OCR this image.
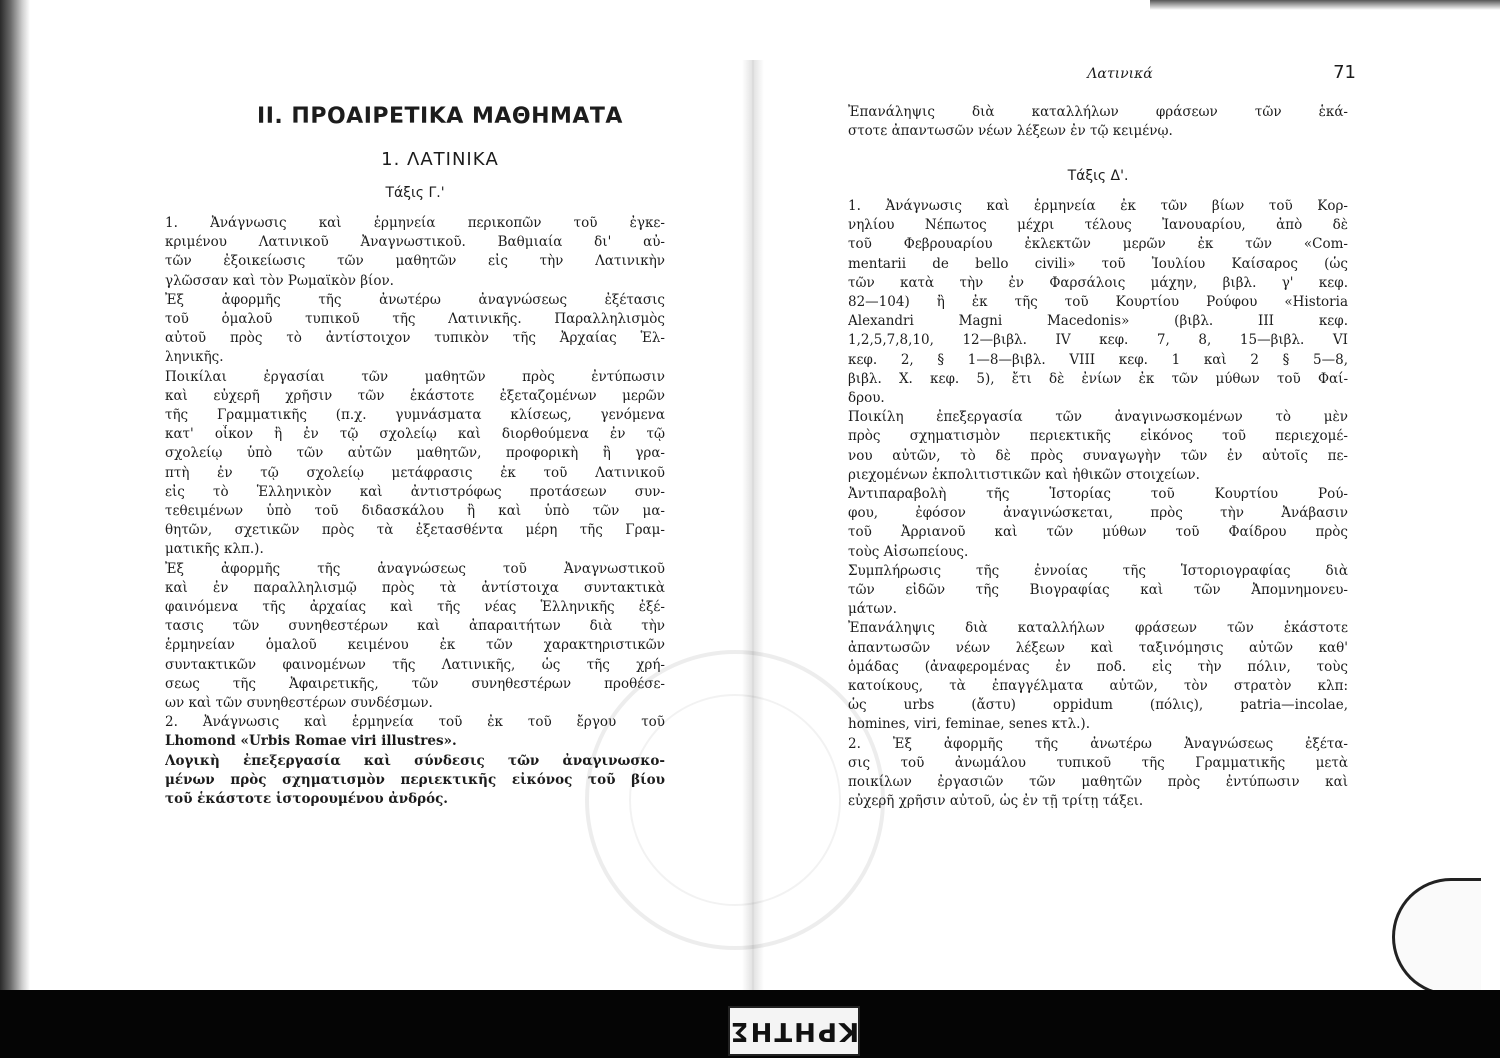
ΙΙ. ΠΡΟΑΙΡΕΤΙΚΑ ΜΑΘΗΜΑΤΑ
1. ΛΑΤΙΝΙΚΑ
Τάξις Γ.'
1. Ἀνάγνωσις καὶ ἑρμηνεία περικοπῶν τοῦ ἐγκε-
κριμένου Λατινικοῦ Ἀναγνωστικοῦ. Βαθμιαία δι' αὐ-
τῶν ἐξοικείωσις τῶν μαθητῶν εἰς τὴν Λατινικὴν
γλῶσσαν καὶ τὸν Ρωμαϊκὸν βίον.
Ἐξ ἀφορμῆς τῆς ἀνωτέρω ἀναγνώσεως ἐξέτασις
τοῦ ὁμαλοῦ τυπικοῦ τῆς Λατινικῆς. Παραλληλισμὸς
αὐτοῦ πρὸς τὸ ἀντίστοιχον τυπικὸν τῆς Ἀρχαίας Ἑλ-
ληνικῆς.
Ποικίλαι ἐργασίαι τῶν μαθητῶν πρὸς ἐντύπωσιν
καὶ εὐχερῆ χρῆσιν τῶν ἑκάστοτε ἐξεταζομένων μερῶν
τῆς Γραμματικῆς (π.χ. γυμνάσματα κλίσεως, γενόμενα
κατ' οἶκον ἢ ἐν τῷ σχολείῳ καὶ διορθούμενα ἐν τῷ
σχολείῳ ὑπὸ τῶν αὐτῶν μαθητῶν, προφορικὴ ἢ γρα-
πτὴ ἐν τῷ σχολείῳ μετάφρασις ἐκ τοῦ Λατινικοῦ
εἰς τὸ Ἑλληνικὸν καὶ ἀντιστρόφως προτάσεων συν-
τεθειμένων ὑπὸ τοῦ διδασκάλου ἢ καὶ ὑπὸ τῶν μα-
θητῶν, σχετικῶν πρὸς τὰ ἐξετασθέντα μέρη τῆς Γραμ-
ματικῆς κλπ.).
Ἐξ ἀφορμῆς τῆς ἀναγνώσεως τοῦ Ἀναγνωστικοῦ
καὶ ἐν παραλληλισμῷ πρὸς τὰ ἀντίστοιχα συντακτικὰ
φαινόμενα τῆς ἀρχαίας καὶ τῆς νέας Ἑλληνικῆς ἐξέ-
τασις τῶν συνηθεστέρων καὶ ἀπαραιτήτων διὰ τὴν
ἑρμηνείαν ὁμαλοῦ κειμένου ἐκ τῶν χαρακτηριστικῶν
συντακτικῶν φαινομένων τῆς Λατινικῆς, ὡς τῆς χρή-
σεως τῆς Ἀφαιρετικῆς, τῶν συνηθεστέρων προθέσε-
ων καὶ τῶν συνηθεστέρων συνδέσμων.
2. Ἀνάγνωσις καὶ ἑρμηνεία τοῦ ἐκ τοῦ ἔργου τοῦ
Lhomond «Urbis Romae viri illustres».
Λογικὴ ἐπεξεργασία καὶ σύνδεσις τῶν ἀναγινωσκο-
μένων πρὸς σχηματισμὸν περιεκτικῆς εἰκόνος τοῦ βίου
τοῦ ἑκάστοτε ἱστορουμένου ἀνδρός.
Λατινικά	71
Ἐπανάληψις διὰ καταλλήλων φράσεων τῶν ἑκά-
στοτε ἀπαντωσῶν νέων λέξεων ἐν τῷ κειμένῳ.
Τάξις Δ'.
1. Ἀνάγνωσις καὶ ἑρμηνεία ἐκ τῶν βίων τοῦ Κορ-
νηλίου Νέπωτος μέχρι τέλους Ἰανουαρίου, ἀπὸ δὲ
τοῦ Φεβρουαρίου ἐκλεκτῶν μερῶν ἐκ τῶν «Com-
mentarii de bello civili» τοῦ Ἰουλίου Καίσαρος (ὡς
τῶν κατὰ τὴν ἐν Φαρσάλοις μάχην, βιβλ. γ' κεφ.
82—104) ἢ ἐκ τῆς τοῦ Κουρτίου Ρούφου «Historia
Alexandri Magni Macedonis» (βιβλ. III κεφ.
1,2,5,7,8,10, 12—βιβλ. IV κεφ. 7, 8, 15—βιβλ. VI
κεφ. 2, § 1—8—βιβλ. VIII κεφ. 1 καὶ 2 § 5—8,
βιβλ. X. κεφ. 5), ἔτι δὲ ἐνίων ἐκ τῶν μύθων τοῦ Φαί-
δρου.
Ποικίλη ἐπεξεργασία τῶν ἀναγινωσκομένων τὸ μὲν
πρὸς σχηματισμὸν περιεκτικῆς εἰκόνος τοῦ περιεχομέ-
νου αὐτῶν, τὸ δὲ πρὸς συναγωγὴν τῶν ἐν αὐτοῖς πε-
ριεχομένων ἐκπολιτιστικῶν καὶ ἠθικῶν στοιχείων.
Ἀντιπαραβολὴ τῆς Ἱστορίας τοῦ Κουρτίου Ρού-
φου, ἐφόσον ἀναγινώσκεται, πρὸς τὴν Ἀνάβασιν
τοῦ Ἀρριανοῦ καὶ τῶν μύθων τοῦ Φαίδρου πρὸς
τοὺς Αἰσωπείους.
Συμπλήρωσις τῆς ἐννοίας τῆς Ἱστοριογραφίας διὰ
τῶν εἰδῶν τῆς Βιογραφίας καὶ τῶν Ἀπομνημονευ-
μάτων.
Ἐπανάληψις διὰ καταλλήλων φράσεων τῶν ἑκάστοτε
ἀπαντωσῶν νέων λέξεων καὶ ταξινόμησις αὐτῶν καθ'
ὁμάδας (ἀναφερομένας ἐν ποδ. εἰς τὴν πόλιν, τοὺς
κατοίκους, τὰ ἐπαγγέλματα αὐτῶν, τὸν στρατὸν κλπ:
ὡς urbs (ἄστυ) oppidum (πόλις), patria—incolae,
homines, viri, feminae, senes κτλ.).
2. Ἐξ ἀφορμῆς τῆς ἀνωτέρω Ἀναγνώσεως ἐξέτα-
σις τοῦ ἀνωμάλου τυπικοῦ τῆς Γραμματικῆς μετὰ
ποικίλων ἐργασιῶν τῶν μαθητῶν πρὸς ἐντύπωσιν καὶ
εὐχερῆ χρῆσιν αὐτοῦ, ὡς ἐν τῇ τρίτῃ τάξει.
ΚΡΗΤΗΣ
